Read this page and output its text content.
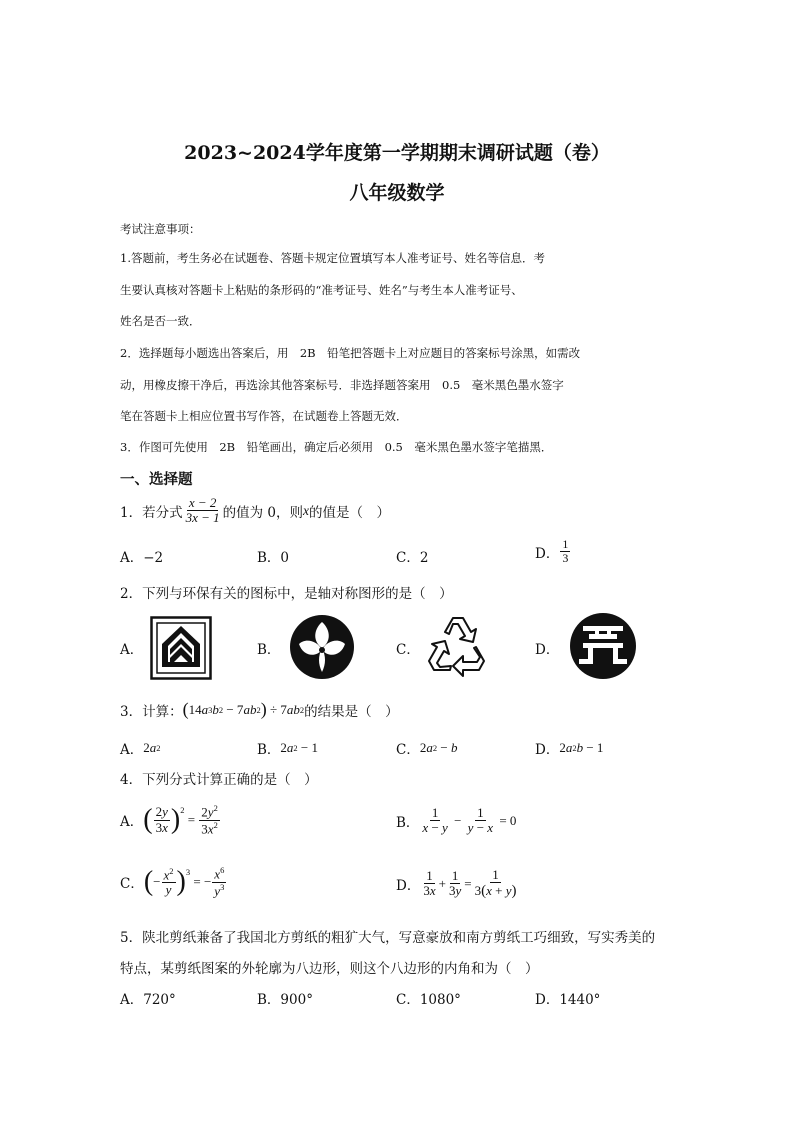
2023~2024学年度第一学期期末调研试题（卷）
八年级数学
考试注意事项：
1.答题前，考生务必在试题卷、答题卡规定位置填写本人准考证号、姓名等信息．考
生要认真核对答题卡上粘贴的条形码的“准考证号、姓名”与考生本人准考证号、
姓名是否一致．
2．选择题每小题选出答案后，用　2B　铅笔把答题卡上对应题目的答案标号涂黑，如需改
动，用橡皮擦干净后，再选涂其他答案标号．非选择题答案用　0.5　毫米黑色墨水签字
笔在答题卡上相应位置书写作答，在试题卷上答题无效．
3．作图可先使用　2B　铅笔画出，确定后必须用　0.5　毫米黑色墨水签字笔描黑．
一、选择题
1．若分式 $\frac{x - 2}{3x - 1}$ 的值为 0，则 x 的值是（　）
A．−2	B．0	C．2	D． $\frac{1}{3}$
2．下列与环保有关的图标中，是轴对称图形的是（　）
A．	B．	C．	D．
3．计算： ( 14 a 3 b 2 − 7 ab 2 ) ÷ 7 ab 2 的结果是（　）
A． 2 a 2	B． 2 a 2 − 1	C． 2 a 2 − b	D． 2 a 2 b − 1
4．下列分式计算正确的是（　）
A． ( $\frac{2y}{3x} )^2$
= $\frac{2y^2}{3x^2}$	B． $\frac{1}{x - y} - \frac{1}{y - x} = 0$
C． ( − $\frac{x^2}{y} )^3$
= − $\frac{x^6}{y^3}$	D． $\frac{1}{3x} + \frac{1}{3y} = \frac{1}{3(x + y)}$
5．陕北剪纸兼备了我国北方剪纸的粗犷大气，写意豪放和南方剪纸工巧细致，写实秀美的
特点，某剪纸图案的外轮廓为八边形，则这个八边形的内角和为（　）
A．720°	B．900°	C．1080°	D．1440°
